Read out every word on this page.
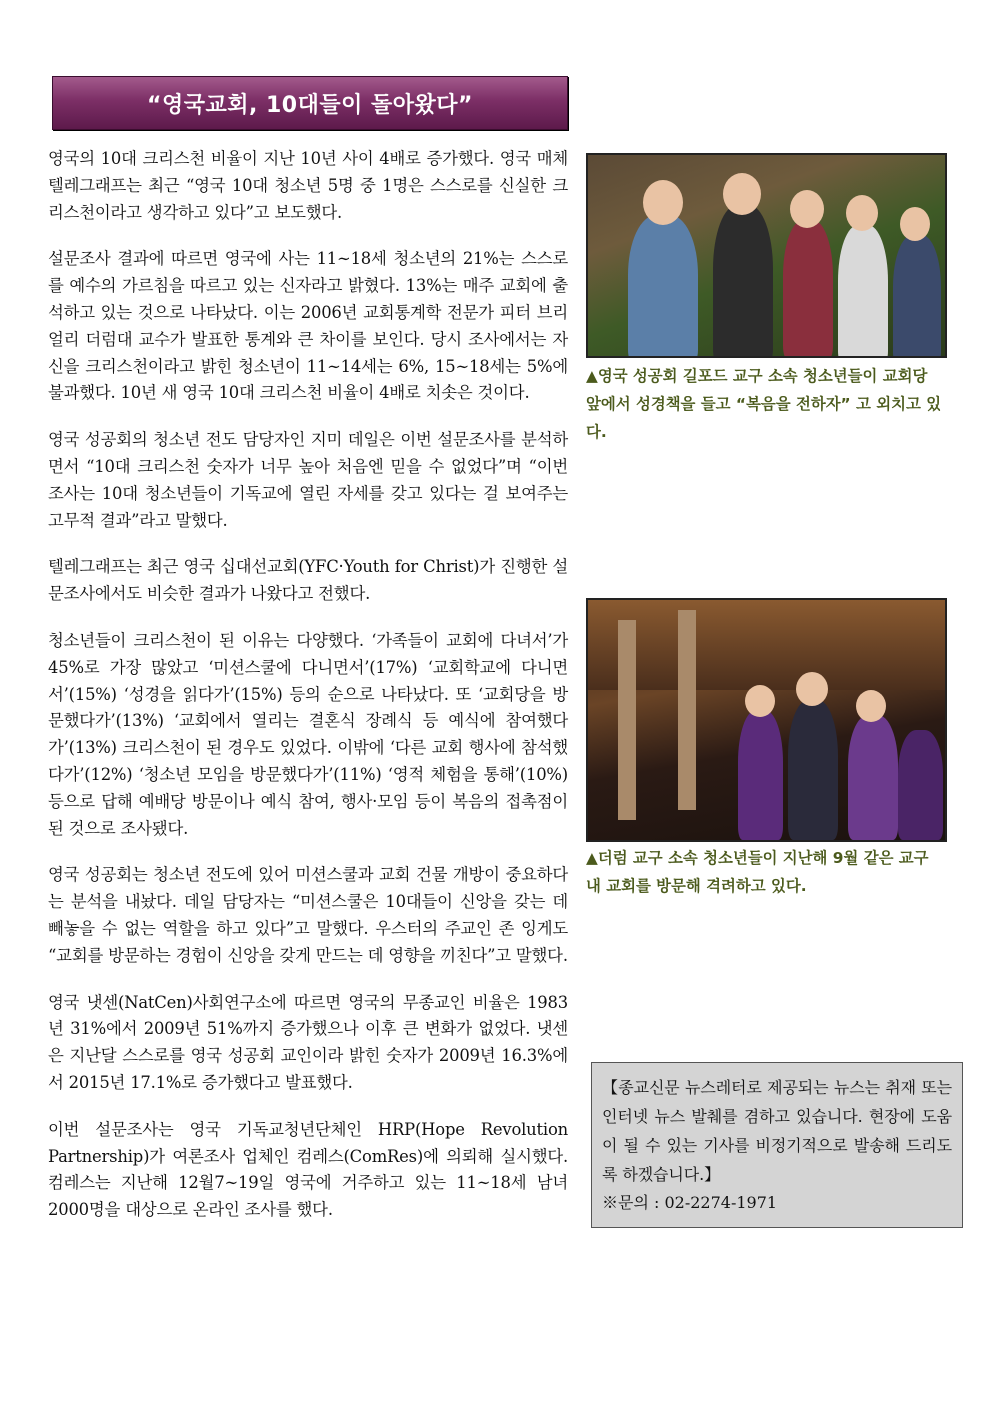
“영국교회, 10대들이 돌아왔다”

영국의 10대 크리스천 비율이 지난 10년 사이 4배로 증가했다. 영국 매체 텔레그래프는 최근 “영국 10대 청소년 5명 중 1명은 스스로를 신실한 크리스천이라고 생각하고 있다”고 보도했다.

설문조사 결과에 따르면 영국에 사는 11∼18세 청소년의 21%는 스스로를 예수의 가르침을 따르고 있는 신자라고 밝혔다. 13%는 매주 교회에 출석하고 있는 것으로 나타났다. 이는 2006년 교회통계학 전문가 피터 브리얼리 더럼대 교수가 발표한 통계와 큰 차이를 보인다. 당시 조사에서는 자신을 크리스천이라고 밝힌 청소년이 11∼14세는 6%, 15∼18세는 5%에 불과했다. 10년 새 영국 10대 크리스천 비율이 4배로 치솟은 것이다.

영국 성공회의 청소년 전도 담당자인 지미 데일은 이번 설문조사를 분석하면서 “10대 크리스천 숫자가 너무 높아 처음엔 믿을 수 없었다”며 “이번 조사는 10대 청소년들이 기독교에 열린 자세를 갖고 있다는 걸 보여주는 고무적 결과”라고 말했다.

텔레그래프는 최근 영국 십대선교회(YFC·Youth for Christ)가 진행한 설문조사에서도 비슷한 결과가 나왔다고 전했다.

청소년들이 크리스천이 된 이유는 다양했다. ‘가족들이 교회에 다녀서’가 45%로 가장 많았고 ‘미션스쿨에 다니면서’(17%) ‘교회학교에 다니면서’(15%) ‘성경을 읽다가’(15%) 등의 순으로 나타났다. 또 ‘교회당을 방문했다가’(13%) ‘교회에서 열리는 결혼식 장례식 등 예식에 참여했다가’(13%) 크리스천이 된 경우도 있었다. 이밖에 ‘다른 교회 행사에 참석했다가’(12%) ‘청소년 모임을 방문했다가’(11%) ‘영적 체험을 통해’(10%) 등으로 답해 예배당 방문이나 예식 참여, 행사·모임 등이 복음의 접촉점이 된 것으로 조사됐다.

영국 성공회는 청소년 전도에 있어 미션스쿨과 교회 건물 개방이 중요하다는 분석을 내놨다. 데일 담당자는 “미션스쿨은 10대들이 신앙을 갖는 데 빼놓을 수 없는 역할을 하고 있다”고 말했다. 우스터의 주교인 존 잉게도 “교회를 방문하는 경험이 신앙을 갖게 만드는 데 영향을 끼친다”고 말했다.

영국 냇센(NatCen)사회연구소에 따르면 영국의 무종교인 비율은 1983년 31%에서 2009년 51%까지 증가했으나 이후 큰 변화가 없었다. 냇센은 지난달 스스로를 영국 성공회 교인이라 밝힌 숫자가 2009년 16.3%에서 2015년 17.1%로 증가했다고 발표했다.

이번 설문조사는 영국 기독교청년단체인 HRP(Hope Revolution Partnership)가 여론조사 업체인 컴레스(ComRes)에 의뢰해 실시했다. 컴레스는 지난해 12월7∼19일 영국에 거주하고 있는 11∼18세 남녀 2000명을 대상으로 온라인 조사를 했다.

▲영국 성공회 길포드 교구 소속 청소년들이 교회당 앞에서 성경책을 들고 “복음을 전하자” 고 외치고 있다.
▲더럼 교구 소속 청소년들이 지난해 9월 같은 교구 내 교회를 방문해 격려하고 있다.

【종교신문 뉴스레터로 제공되는 뉴스는 취재 또는 인터넷 뉴스 발췌를 겸하고 있습니다. 현장에 도움이 될 수 있는 기사를 비정기적으로 발송해 드리도록 하겠습니다.】

※문의 : 02-2274-1971
